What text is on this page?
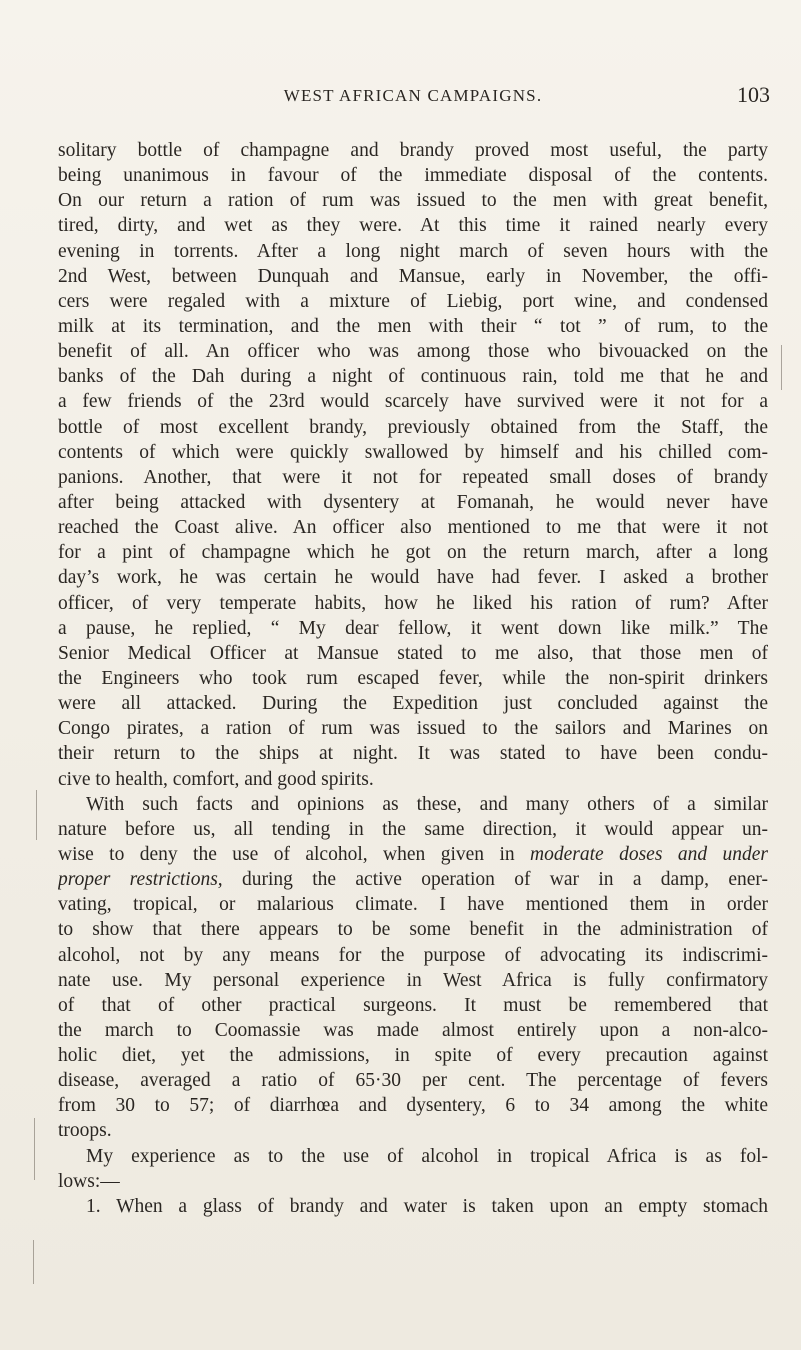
WEST AFRICAN CAMPAIGNS.	103
solitary bottle of champagne and brandy proved most useful, the party
being unanimous in favour of the immediate disposal of the contents.
On our return a ration of rum was issued to the men with great benefit,
tired, dirty, and wet as they were. At this time it rained nearly every
evening in torrents. After a long night march of seven hours with the
2nd West, between Dunquah and Mansue, early in November, the offi-
cers were regaled with a mixture of Liebig, port wine, and condensed
milk at its termination, and the men with their “ tot ” of rum, to the
benefit of all. An officer who was among those who bivouacked on the
banks of the Dah during a night of continuous rain, told me that he and
a few friends of the 23rd would scarcely have survived were it not for a
bottle of most excellent brandy, previously obtained from the Staff, the
contents of which were quickly swallowed by himself and his chilled com-
panions. Another, that were it not for repeated small doses of brandy
after being attacked with dysentery at Fomanah, he would never have
reached the Coast alive. An officer also mentioned to me that were it not
for a pint of champagne which he got on the return march, after a long
day’s work, he was certain he would have had fever. I asked a brother
officer, of very temperate habits, how he liked his ration of rum? After
a pause, he replied, “ My dear fellow, it went down like milk.” The
Senior Medical Officer at Mansue stated to me also, that those men of
the Engineers who took rum escaped fever, while the non-spirit drinkers
were all attacked. During the Expedition just concluded against the
Congo pirates, a ration of rum was issued to the sailors and Marines on
their return to the ships at night. It was stated to have been condu-
cive to health, comfort, and good spirits.
With such facts and opinions as these, and many others of a similar
nature before us, all tending in the same direction, it would appear un-
wise to deny the use of alcohol, when given in moderate doses and under
proper restrictions, during the active operation of war in a damp, ener-
vating, tropical, or malarious climate. I have mentioned them in order
to show that there appears to be some benefit in the administration of
alcohol, not by any means for the purpose of advocating its indiscrimi-
nate use. My personal experience in West Africa is fully confirmatory
of that of other practical surgeons. It must be remembered that
the march to Coomassie was made almost entirely upon a non-alco-
holic diet, yet the admissions, in spite of every precaution against
disease, averaged a ratio of 65·30 per cent. The percentage of fevers
from 30 to 57; of diarrhœa and dysentery, 6 to 34 among the white
troops.
My experience as to the use of alcohol in tropical Africa is as fol-
lows:—
1. When a glass of brandy and water is taken upon an empty stomach
